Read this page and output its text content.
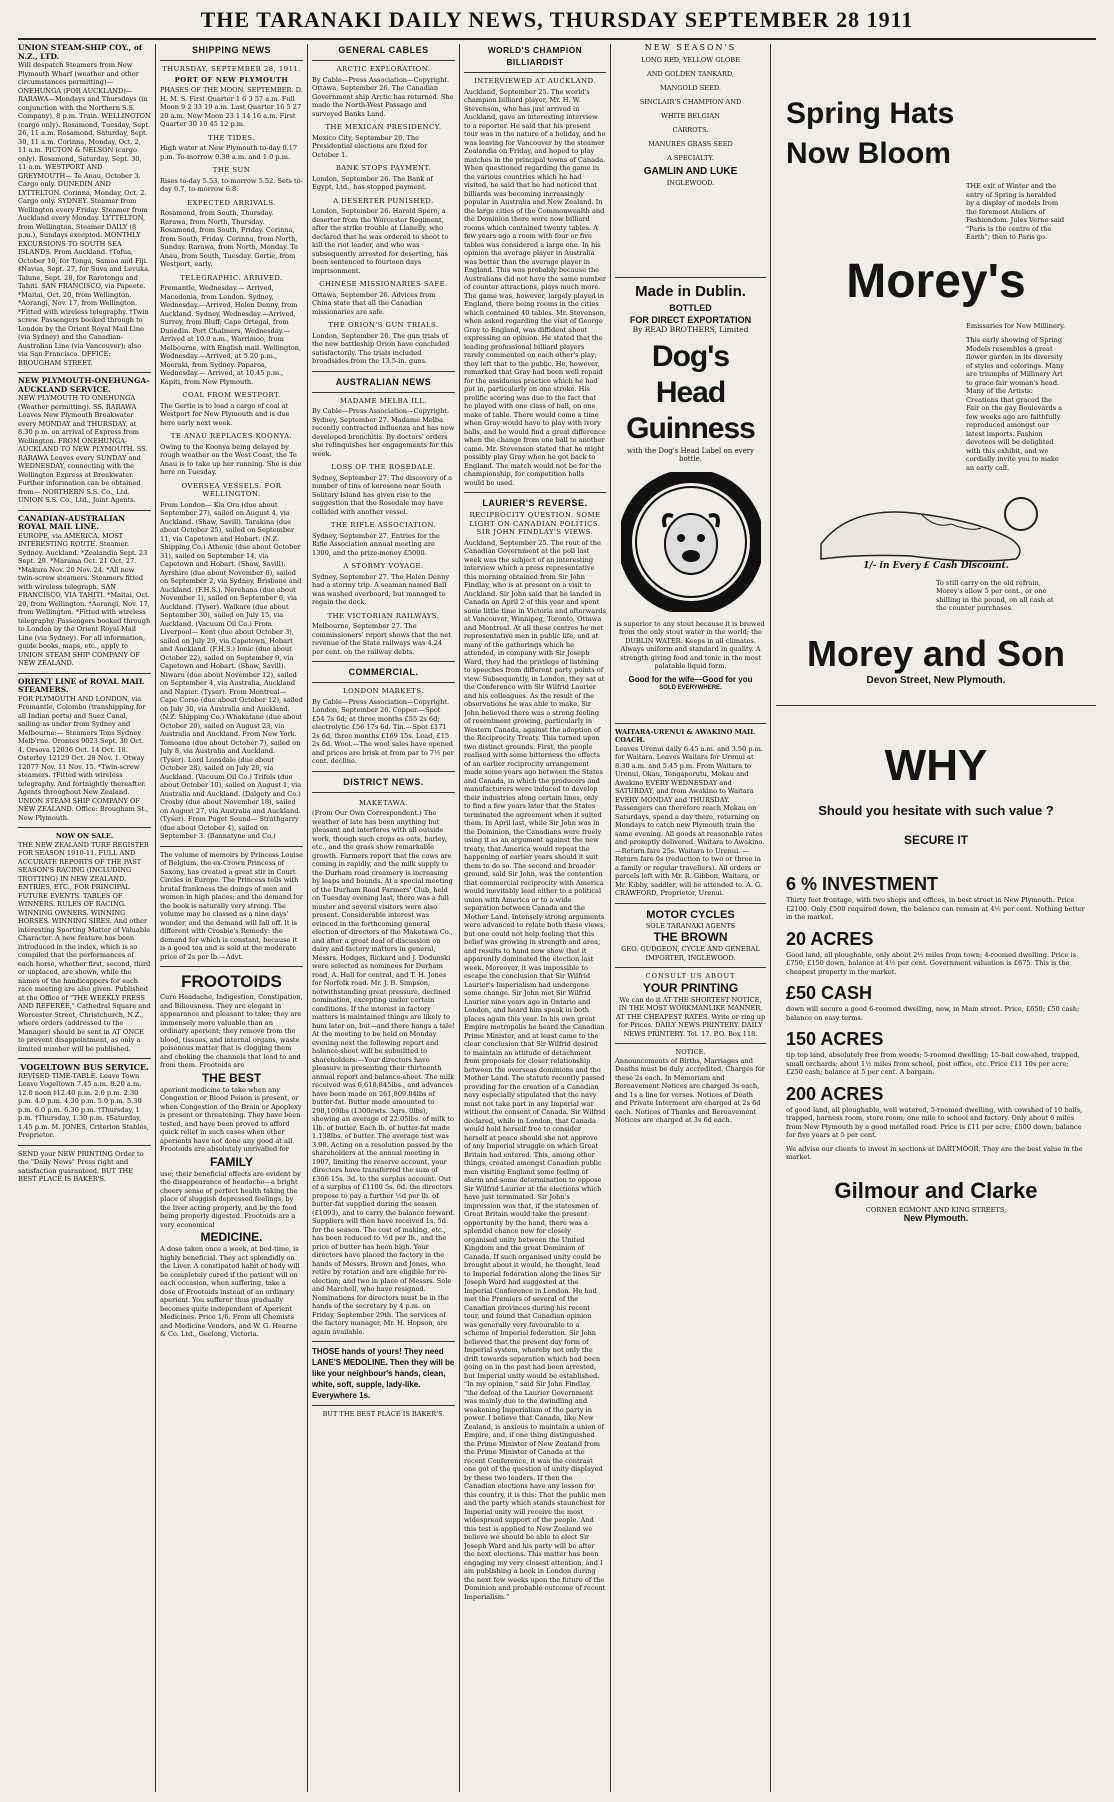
THE TARANAKI DAILY NEWS, THURSDAY SEPTEMBER 28 1911
UNION STEAM-SHIP COY., of N.Z., LTD.
Will despatch Steamers from New Plymouth Wharf (weather and other circumstances permitting)— ONEHUNGA (FOR AUCKLAND)— RARAWA—Mondays and Thursdays (in conjunction with the Northern S.S. Company), 8 p.m. Train. WELLINGTON (cargo only). Rosamond, Tuesday, Sept. 26, 11 a.m. Rosamond, Saturday, Sept. 30, 11 a.m. Corinna, Monday, Oct. 2, 11 a.m. PICTON & NELSON (cargo only). Rosamond, Saturday, Sept. 30, 11 a.m. WESTPORT AND GREYMOUTH— Te Anau, October 3. Cargo only. DUNEDIN AND LYTTELTON. Corinna, Monday, Oct. 2. Cargo only. SYDNEY. Steamer from Wellington every Friday. Steamer from Auckland every Monday. LYTTELTON, from Wellington. Steamer DAILY (8 p.m.), Sundays excepted. MONTHLY EXCURSIONS TO SOUTH SEA ISLANDS. From Auckland. †Tofua, October 10, for Tonga, Samoa and Fiji. ‡Navua, Sept. 27, for Suva and Levuka. Talune, Sept. 28, for Rarotonga and Tahiti. SAN FRANCISCO, via Papeete. *Maitai, Oct. 20, from Wellington. *Aorangi, Nov. 17, from Wellington. *Fitted with wireless telegraphy. †Twin screw. Passengers booked through to London by the Orient Royal Mail Line (via Sydney) and the Canadian-Australian Line (via Vancouver); also via San Francisco. OFFICE: BROUGHAM STREET.
NEW PLYMOUTH-ONEHUNGA-AUCKLAND SERVICE.
NEW PLYMOUTH TO ONEHUNGA (Weather permitting). SS. RARAWA Leaves New Plymouth Breakwater every MONDAY and THURSDAY, at 8.30 p.m. on arrival of Express from Wellington. FROM ONEHUNGA-AUCKLAND TO NEW PLYMOUTH. SS. RARAWA Leaves every SUNDAY and WEDNESDAY, connecting with the Wellington Express at Breakwater. Further information can be obtained from— NORTHERN S.S. Co., Ltd. UNION S.S. Co., Ltd., Joint Agents.
CANADIAN-AUSTRALIAN ROYAL MAIL LINE.
EUROPE, via AMERICA. MOST INTERESTING ROUTE. Steamer. Sydney. Auckland. *Zealandia Sept. 23 Sept. 29. *Marama Oct. 21 Oct. 27. *Makura Nov. 20 Nov. 24. *All new twin-screw steamers. Steamers fitted with wireless telegraph. SAN FRANCISCO, VIA TAHITI. *Maitai, Oct. 20, from Wellington. *Aorangi, Nov. 17, from Wellington. *Fitted with wireless telegraphy. Passengers booked through to London by the Orient Royal Mail Line (via Sydney). For all information, guide books, maps, etc., apply to UNION STEAM SHIP COMPANY OF NEW ZEALAND.
ORIENT LINE of ROYAL MAIL STEAMERS.
FOR PLYMOUTH AND LONDON, via Fremantle, Colombo (transhipping for all Indian ports) and Suez Canal, sailing as under from Sydney and Melbourne:— Steamers Tons Sydney Melb'rne. Orontes 9023 Sept. 30 Oct. 4. Orsova 12036 Oct. 14 Oct. 18. Osterley 12129 Oct. 28 Nov. 1. Otway 12077 Nov. 11 Nov. 15. *Twin-screw steamers. †Fitted with wireless telegraphy. And fortnightly thereafter. Agents throughout New Zealand. UNION STEAM SHIP COMPANY OF NEW ZEALAND. Office: Brougham St., New Plymouth.
NOW ON SALE.
THE NEW ZEALAND TURF REGISTER FOR SEASON 1910-11. FULL AND ACCURATE REPORTS OF THE PAST SEASON'S RACING (INCLUDING TROTTING) IN NEW ZEALAND. ENTRIES, ETC., FOR PRINCIPAL FUTURE EVENTS. TABLES OF WINNERS. RULES OF RACING. WINNING OWNERS. WINNING HORSES. WINNING SIRES. And other interesting Sporting Matter of Valuable Character. A new feature has been introduced in the index, which is so compiled that the performances of each horse, whether first, second, third or unplaced, are shown, while the names of the handicappers for each race meeting are also given. Published at the Office of "THE WEEKLY PRESS AND REFEREE," Cathedral Square and Worcester Street, Christchurch, N.Z., where orders (addressed to the Manager) should be sent in AT ONCE to prevent disappointment, as only a limited number will be published.
VOGELTOWN BUS SERVICE.
REVISED TIME-TABLE. Leave Town Leave Vogeltown 7.45 a.m. 8.20 a.m. 12.0 noon ‡12.40 p.m. 2.0 p.m. 2.30 p.m. 4.0 p.m. 4.30 p.m. 5.0 p.m. 5.30 p.m. 6.0 p.m. 6.30 p.m. †Thursday, 1 p.m. †Thursday, 1.30 p.m. ‡Saturday, 1.45 p.m. M. JONES, Criterion Stables, Proprietor.
SEND your NEW PRINTING Order to the "Daily News" Press right and satisfaction guaranteed. BUT THE BEST PLACE IS BAKER'S.
SHIPPING NEWS
THURSDAY, SEPTEMBER 28, 1911.
PORT OF NEW PLYMOUTH
PHASES OF THE MOON. SEPTEMBER. D. H. M. S. First Quarter 1 6 3 57 a.m. Full Moon 9 2 33 19 a.m. Last Quarter 16 5 27 20 a.m. New Moon 23 1 14 16 a.m. First Quarter 30 10 45 12 p.m.
THE TIDES.
High water at New Plymouth to-day 0.17 p.m. To-morrow 0.38 a.m. and 1.0 p.m.
THE SUN
Rises to-day 5.53, to-morrow 5.52. Sets to-day 6.7, to-morrow 6.8.
EXPECTED ARRIVALS.
Rosamond, from South, Thursday. Rarawa, from North, Thursday. Rosamond, from South, Friday. Corinna, from South, Friday. Corinna, from North, Sunday. Rarawa, from North, Monday. Te Anau, from South, Tuesday. Gertie, from Westport, early.
TELEGRAPHIC. ARRIVED.
Fremantle, Wednesday.— Arrived, Macedonia, from London. Sydney, Wednesday.—Arrived, Helen Denny, from Auckland. Sydney, Wednesday.—Arrived, Surrey, from Bluff; Cape Ortegal, from Dunedin. Port Chalmers, Wednesday.—Arrived at 10.0 a.m., Warrimoo, from Melbourne, with English mail. Wellington, Wednesday.—Arrived, at 5.20 p.m., Moeraki, from Sydney. Paparoa, Wednesday.— Arrived, at 10.45 p.m., Kapiti, from New Plymouth.
COAL FROM WESTPORT.
The Gertie is to load a cargo of coal at Westport for New Plymouth and is due here early next week.
TE ANAU REPLACES KOONYA.
Owing to the Koonya being delayed by rough weather on the West Coast, the Te Anau is to take up her running. She is due here on Tuesday.
OVERSEA VESSELS. FOR WELLINGTON.
From London— Kia Ora (due about September 27), sailed on August 4, via Auckland. (Shaw, Savill). Tarakina (due about October 25), sailed on September 11, via Capetown and Hobart. (N.Z. Shipping Co.) Athenic (due about October 31), sailed on September 14, via Capetown and Hobart. (Shaw, Savill). Ayrshire (due about November 6), sailed on September 2, via Sydney, Brisbane and Auckland. (F.H.S.). Nerehana (due about November 1), sailed on September 6, via Auckland. (Tyser). Waikare (due about September 30), sailed on July 15, via Auckland. (Vacuum Oil Co.) From Liverpool— Kent (due about October 3), sailed on July 29, via Capetown, Hobart and Auckland. (F.H.S.) Ionic (due about October 22), sailed on September 9, via Capetown and Hobart. (Shaw, Savill). Niwaru (due about November 12), sailed on September 4, via Australia, Auckland and Napier. (Tyser). From Montreal— Cape Corso (due about October 12), sailed on July 30, via Australia and Auckland. (N.Z. Shipping Co.) Whakatane (due about October 20), sailed on August 23, via Australia and Auckland. From New York. Tomoana (due about October 7), sailed on July 8, via Australia and Auckland. (Tyser). Lord Lonsdale (due about October 28), sailed on July 26, via Auckland. (Vacuum Oil Co.) Trifels (due about October 10), sailed on August 1, via Australia and Auckland. (Dalgety and Co.) Crosby (due about November 18), sailed on August 27, via Australia and Auckland. (Tyser). From Puget Sound— Strathgarry (due about October 4), sailed on September 3. (Bannatyne and Co.)
The volume of memoirs by Princess Louise of Belgium, the ex-Crown Princess of Saxony, has created a great stir in Court Circles in Europe. The Princess tells with brutal frankness the doings of men and women in high places; and the demand for the book is naturally very strong. The volume may be classed as a nine days' wonder, and the demand will fall off. It is different with Crosbie's Remedy: the demand for which is constant, because it is a good tea and is sold at the moderate price of 2s per lb.—Advt.
FROOTOIDS
Cure Headache, Indigestion, Constipation, and Biliousness. They are elegant in appearance and pleasant to take; they are immensely more valuable than an ordinary aperient; they remove from the blood, tissues, and internal organs, waste poisonous matter that is clogging them and choking the channels that lead to and from them. Frootoids are
THE BEST
aperient medicine to take when any Congestion or Blood Poison is present, or when Congestion of the Brain or Apoplexy is present or threatening. They have been tested, and have been proved to afford quick relief in such cases when other aperients have not done any good at all. Frootoids are absolutely unrivalled for
FAMILY
use; their beneficial effects are evident by the disappearance of headache—a bright cheery sense of perfect health taking the place of sluggish depressed feelings, by the liver acting properly, and by the food being properly digested. Frootoids are a very economical
MEDICINE.
A dose taken once a week, at bed-time, is highly beneficial. They act splendidly on the Liver. A constipated habit of body will be completely cured if the patient will on each occasion, when suffering, take a dose of Frootoids instead of an ordinary aperient. You sufferer thus gradually becomes quite independent of Aperient Medicines. Price 1/6. From all Chemists and Medicine Vendors, and W. G. Hearne & Co. Ltd., Geelong, Victoria.
GENERAL CABLES
ARCTIC EXPLORATION.
By Cable—Press Association—Copyright. Ottawa, September 26. The Canadian Government ship Arctic has returned. She made the North-West Passage and surveyed Banks Land.
THE MEXICAN PRESIDENCY.
Mexico City, September 26. The Presidential elections are fixed for October 1.
BANK STOPS PAYMENT.
London, September 26. The Bank of Egypt, Ltd., has stopped payment.
A DESERTER PUNISHED.
London, September 26. Harold Spero, a deserter from the Worcester Regiment, after the strike trouble at Llanelly, who declared that he was ordered to shoot to kill the riot leader, and who was subsequently arrested for deserting, has been sentenced to fourteen days imprisonment.
CHINESE MISSIONARIES SAFE.
Ottawa, September 26. Advices from China state that all the Canadian missionaries are safe.
THE ORION'S GUN TRIALS.
London, September 26. The gun trials of the new battleship Orion have concluded satisfactorily. The trials included broadsides from the 13.5-in. guns.
AUSTRALIAN NEWS
MADAME MELBA ILL.
By Cable—Press Association—Copyright. Sydney, September 27. Madame Melba recently contracted influenza and has now developed bronchitis. By doctors' orders she relinquishes her engagements for this week.
LOSS OF THE ROSEDALE.
Sydney, September 27. The discovery of a number of tins of kerosene near South Solitary Island has given rise to the suggestion that the Rosedale may have collided with another vessel.
THE RIFLE ASSOCIATION.
Sydney, September 27. Entries for the Rifle Association annual meeting are 1300, and the prize-money £5000.
A STORMY VOYAGE.
Sydney, September 27. The Helen Denny had a stormy trip. A seaman named Ball was washed overboard, but managed to regain the deck.
THE VICTORIAN RAILWAYS.
Melbourne, September 27. The commissioners' report shows that the net revenue of the State railways was 4.24 per cent. on the railway debts.
COMMERCIAL.
LONDON MARKETS.
By Cable—Press Association—Copyright. London, September 26. Copper.—Spot £54 7s 6d; at three months £55 2s 6d; electrolytic £56 17s 6d. Tin.—Spot £171 2s 6d, three months £169 15s. Lead, £15 2s 6d. Wool.—The wool sales have opened and prices are brisk at from par to 7½ per cent. decline.
DISTRICT NEWS.
MAKETAWA.
(From Our Own Correspondent.) The weather of late has been anything but pleasant and interferes with all outside work, though such crops as oats, barley, etc., and the grass show remarkable growth. Farmers report that the cows are coming in rapidly, and the milk supply to the Durham road creamery is increasing by leaps and bounds. At a special meeting of the Durham Road Farmers' Club, held on Tuesday evening last, there was a full muster and several visitors were also present. Considerable interest was evinced in the forthcoming general election of directors of the Maketawa Co., and after a great deal of discussion on dairy and factory matters in general, Messrs. Hodges, Rickard and J. Dodunski were selected as nominees for Durham road, A. Hall for central, and T. H. Jones for Norfolk road. Mr. J. B. Simpson, notwithstanding great pressure, declined nomination, excepting under certain conditions. If the interest in factory matters is maintained things are likely to hum later on, but—and there hangs a tale! At the meeting to be held on Monday evening next the following report and balance-sheet will be submitted to shareholders:—Your directors have pleasure in presenting their thirteenth annual report and balance-sheet. The milk received was 6,618,845lbs., and advances have been made on 261,809.84lbs of butter-fat. Butter made amounted to 298,109lbs (1300cwts. 3qrs. 0lbs), showing an average of 22.05lbs. of milk to 1lb. of butter. Each lb. of butter-fat made 1.138lbs. of butter. The average test was 3.98. Acting on a resolution passed by the shareholders at the annual meeting in 1907, limiting the reserve account, your directors have transferred the sum of £306 15s. 3d. to the surplus account. Out of a surplus of £1100 5s. 6d. the directors propose to pay a further ½d per lb. of butter-fat supplied during the season (£1093), and to carry the balance forward. Suppliers will then have received 1s. 5d. for the season. The cost of making, etc., has been reduced to ½d per lb., and the price of butter has been high. Your directors have placed the factory in the hands of Messrs. Brown and Jones, who retire by rotation and are eligible for re-election; and two in place of Messrs. Sole and Marchell, who have resigned. Nominations for directors must be in the hands of the secretary by 4 p.m. on Friday, September 29th. The services of the factory manager, Mr. H. Hopson, are again available.
THOSE hands of yours! They need LANE'S MEDOLINE. Then they will be like your neighbour's hands, clean, white, soft, supple, lady-like. Everywhere 1s.
BUT THE BEST PLACE IS BAKER'S.
WORLD'S CHAMPION BILLIARDIST
INTERVIEWED AT AUCKLAND.
Auckland, September 25. The world's champion billiard player, Mr. H. W. Stevenson, who has just arrived in Auckland, gave an interesting interview to a reporter. He said that his present tour was in the nature of a holiday, and he was leaving for Vancouver by the steamer Zealandia on Friday, and hoped to play matches in the principal towns of Canada. When questioned regarding the game in the various countries which he had visited, he said that he had noticed that billiards was becoming increasingly popular in Australia and New Zealand. In the large cities of the Commonwealth and the Dominion there were now billiard rooms which contained twenty tables. A few years ago a room with four or five tables was considered a large one. In his opinion the average player in Australia was better than the average player in England. This was probably because the Australians did not have the same number of counter attractions, plays much more. The game was, however, largely played in England, there being rooms in the cities which contained 40 tables. Mr. Stevenson, when asked regarding the visit of George Gray to England, was diffident about expressing an opinion. He stated that the leading professional billiard players rarely commented on each other's play; they left that to the public. He, however, remarked that Gray had been well repaid for the assiduous practice which he had put in, particularly on one stroke. His prolific scoring was due to the fact that he played with one class of ball, on one make of table. There would come a time when Gray would have to play with ivory balls, and he would find a great difference when the change from one ball to another came. Mr. Stevenson stated that he might possibly play Gray when he got back to England. The match would not be for the championship, for competition balls would be used.
LAURIER'S REVERSE.
RECIPROCITY QUESTION. SOME LIGHT ON CANADIAN POLITICS. SIR JOHN FINDLAY'S VIEWS.
Auckland, September 25. The rout of the Canadian Government at the poll last week was the subject of an interesting interview which a press representative this morning obtained from Sir John Findlay, who is at present on a visit to Auckland. Sir John said that he landed in Canada on April 2 of this year and spent some little time in Victoria and afterwards at Vancouver, Winnipeg, Toronto, Ottawa and Montreal. At all these centres he met representative men in public life, and at many of the gatherings which he attended, in company with Sir Joseph Ward, they had the privilege of listening to speeches from different party points of view. Subsequently, in London, they sat at the Conference with Sir Wilfrid Laurier and his colleagues. As the result of the observations he was able to make, Sir John believed there was a strong feeling of resentment growing, particularly in Western Canada, against the adoption of the Reciprocity Treaty. This turned upon two distinct grounds. First, the people realised with some bitterness the effects of an earlier reciprocity arrangement made some years ago between the States and Canada, in which the producers and manufacturers were induced to develop their industries along certain lines, only to find a few years later that the States terminated the agreement when it suited them. In April last, while Sir John was in the Dominion, the Canadians were freely using it as an argument against the new treaty, that America would repeat the happening of earlier years should it suit them to do so. The second and broader ground, said Sir John, was the contention that commercial reciprocity with America would inevitably lead either to a political union with America or to a wide separation between Canada and the Mother Land. Intensely strong arguments were advanced to relate both these views, but one could not help feeling that this belief was growing in strength and area, and results to hand now show that it apparently dominated the election last week. Moreover, it was impossible to escape the conclusion that Sir Wilfrid Laurier's Imperialism had undergone some change. Sir John met Sir Wilfrid Laurier nine years ago in Ontario and London, and heard him speak in both places again this year. In his own great Empire metropolis he heard the Canadian Prime Minister, and at least came to the clear conclusion that Sir Wilfrid desired to maintain an attitude of detachment from proposals for closer relationship between the overseas dominions and the Mother Land. The statute recently passed providing for the creation of a Canadian navy especially stipulated that the navy must not take part in any Imperial war without the consent of Canada. Sir Wilfrid declared, while in London, that Canada would hold herself free to consider herself at peace should she not approve of any Imperial struggle on which Great Britain had entered. This, among other things, created amongst Canadian public men visiting England some feeling of alarm and some determination to oppose Sir Wilfrid Laurier at the elections which have just terminated. Sir John's impression was that, if the statesmen of Great Britain would take the present opportunity by the hand, there was a splendid chance now for closely organised unity between the United Kingdom and the great Dominion of Canada. If such organised unity could be brought about it would, he thought, lead to Imperial federation along the lines Sir Joseph Ward had suggested at the Imperial Conference in London. He had met the Premiers of several of the Canadian provinces during his recent tour, and found that Canadian opinion was generally very favourable to a scheme of Imperial federation. Sir John believed that the present day form of Imperial system, whereby not only the drift towards separation which had been going on in the past had been arrested, but Imperial unity would be established. "In my opinion," said Sir John Findlay, "the defeat of the Laurier Government was mainly due to the dwindling and weakening Imperialism of the party in power. I believe that Canada, like New Zealand, is anxious to maintain a union of Empire, and, if one thing distinguished the Prime Minister of New Zealand from the Prime Minister of Canada at the recent Conference, it was the contrast one got of the question of unity displayed by these two leaders. If then the Canadian elections have any lesson for this country, it is this: That the public men and the party which stands staunchest for Imperial unity will receive the most widespread support of the people. And this test is applied to New Zealand we believe we should be able to elect Sir Joseph Ward and his party will be after the next elections. This matter has been engaging my very closest attention, and I am publishing a book in London during the next few weeks upon the future of the Dominion and probable outcome of recent Imperialism."
NEW SEASON'S
LONG RED, YELLOW GLOBE
AND GOLDEN TANKARD,
MANGOLD SEED.
SINCLAIR'S CHAMPION AND
WHITE BELGIAN
CARROTS.
MANURES GRASS SEED
A SPECIALTY.
GAMLIN AND LUKE
INGLEWOOD.
Made in Dublin.
BOTTLED
FOR DIRECT EXPORTATION
By READ BROTHERS, Limited
Dog's Head
Guinness
with the Dog's Head Label on every bottle.
is superior to any stout because it is brewed from the only stout water in the world; the DUBLIN WATER. Keeps in all climates. Always uniform and standard in quality. A strength giving food and tonic in the most palatable liquid form.
Good for the wife—Good for you
SOLD EVERYWHERE.
WAITARA-URENUI & AWAKINO MAIL COACH.
Leaves Urenui daily 6.45 a.m. and 3.50 p.m. for Waitara. Leaves Waitara for Urenui at 8.30 a.m. and 5.45 p.m. From Waitara to Urenui, Okau, Tongaporutu, Mokau and Awakino EVERY WEDNESDAY and SATURDAY, and from Awakino to Waitara EVERY MONDAY and THURSDAY. Passengers can therefore reach Mokau on Saturdays, spend a day there, returning on Mondays to catch new Plymouth train the same evening. All goods at reasonable rates and promptly delivered. Waitara to Awakino.—Return fare 25s. Waitara to Urenui. — Return fare 6s (reduction to two or three in a family or regular travellers). All orders or parcels left with Mr. R. Gibbon, Waitara, or Mr. Kibby, saddler, will be attended to. A. G. CRAWFORD, Proprietor, Urenui.
MOTOR CYCLES
SOLE TARANAKI AGENTS
THE BROWN
GEO. GUDGEON, CYCLE AND GENERAL IMPORTER, INGLEWOOD.
CONSULT US ABOUT
YOUR PRINTING
We can do it AT THE SHORTEST NOTICE, IN THE MOST WORKMANLIKE MANNER, AT THE CHEAPEST RATES. Write or ring up for Prices. DAILY NEWS PRINTERY. DAILY NEWS PRINTERY. Tel. 17. P.O. Box 118.
NOTICE.
Announcements of Births, Marriages and Deaths must be duly accredited. Charges for these 2s each. In Memoriam and Bereavement Notices are charged 3s each, and 1s a line for verses. Notices of Death and Private Interment are charged at 2s 6d each. Notices of Thanks and Bereavement Notices are charged at 3s 6d each.
Spring Hats
Now Bloom
THE exit of Winter and the entry of Spring is heralded by a display of models from the foremost Ateliers of Fashiondom. Jules Verne said "Paris is the centre of the Earth"; then to Paris go.
Morey's
Emissaries for New Millinery.
This early showing of Spring Models resembles a great flower garden in its diversity of styles and colorings. Many are triumphs of Millinery Art to grace fair woman's head. Many of the Artistic Creations that graced the Fair on the gay Boulevards a few weeks ago are faithfully reproduced amongst our latest imports. Fashion devotees will be delighted with this exhibit, and we cordially invite you to make an early call.
1/- in Every £ Cash Discount.
To still carry on the old refrain, Morey's allow 5 per cent., or one shilling in the pound, on all cash at the counter purchases.
Morey and Son
Devon Street, New Plymouth.
WHY
Should you hesitate with such value ?
SECURE IT
6 % INVESTMENT
Thirty feet frontage, with two shops and offices, in best street in New Plymouth. Price £2100. Only £500 required down, the balance can remain at 4½ per cent. Nothing better in the market.
20 ACRES
Good land, all ploughable, only about 2½ miles from town; 4-roomed dwelling. Price is £750; £150 down, balance at 4½ per cent. Government valuation is £675. This is the cheapest property in the market.
£50 CASH
down will secure a good 6-roomed dwelling, new, in Main street. Price, £650; £50 cash; balance on easy terms.
150 ACRES
tip top land, absolutely free from weeds; 5-roomed dwelling; 15-bail cow-shed, trapped, small orchards; about 1½ miles from school, post office, etc. Price £11 10s per acre; £250 cash; balance at 5 per cent. A bargain.
200 ACRES
of good land, all ploughable, well watered, 5-roomed dwelling, with cowshed of 10 bails, trapped, harness room, store room; one mile to school and factory. Only about 6 miles from New Plymouth by a good metalled road. Price is £11 per acre; £500 down; balance for five years at 5 per cent.
We advise our clients to invest in sections at DARTMOOR. They are the best value in the market.
Gilmour and Clarke
CORNER EGMONT AND KING STREETS,
New Plymouth.
